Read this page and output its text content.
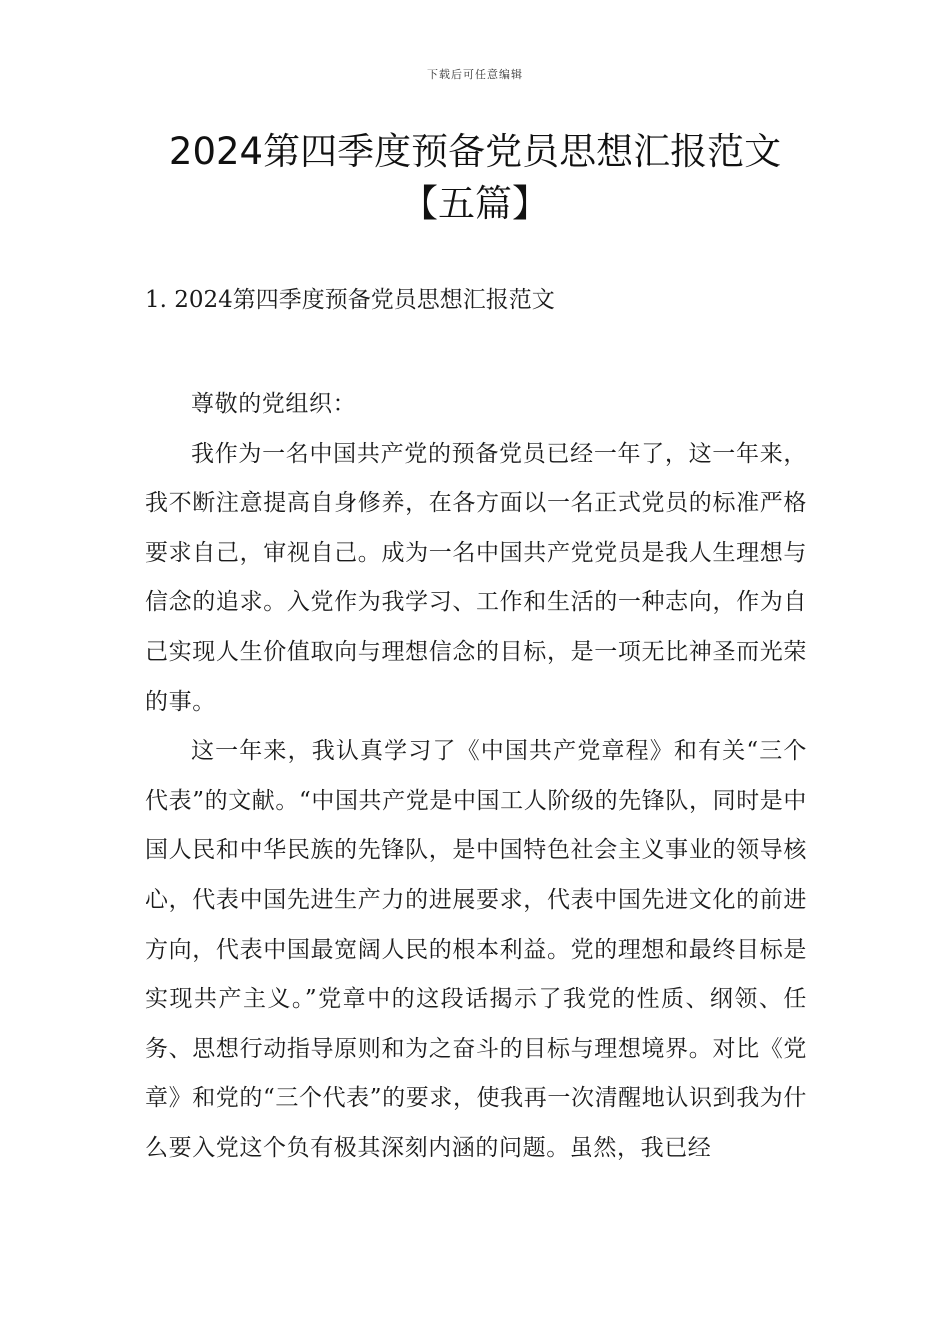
下载后可任意编辑
2024第四季度预备党员思想汇报范文【五篇】
1. 2024第四季度预备党员思想汇报范文

尊敬的党组织：

我作为一名中国共产党的预备党员已经一年了，这一年来，我不断注意提高自身修养，在各方面以一名正式党员的标准严格要求自己，审视自己。成为一名中国共产党党员是我人生理想与信念的追求。入党作为我学习、工作和生活的一种志向，作为自己实现人生价值取向与理想信念的目标，是一项无比神圣而光荣的事。

这一年来，我认真学习了《中国共产党章程》和有关“三个代表”的文献。“中国共产党是中国工人阶级的先锋队，同时是中国人民和中华民族的先锋队，是中国特色社会主义事业的领导核心，代表中国先进生产力的进展要求，代表中国先进文化的前进方向，代表中国最宽阔人民的根本利益。党的理想和最终目标是实现共产主义。”党章中的这段话揭示了我党的性质、纲领、任务、思想行动指导原则和为之奋斗的目标与理想境界。对比《党章》和党的“三个代表”的要求，使我再一次清醒地认识到我为什么要入党这个负有极其深刻内涵的问题。虽然，我已经
